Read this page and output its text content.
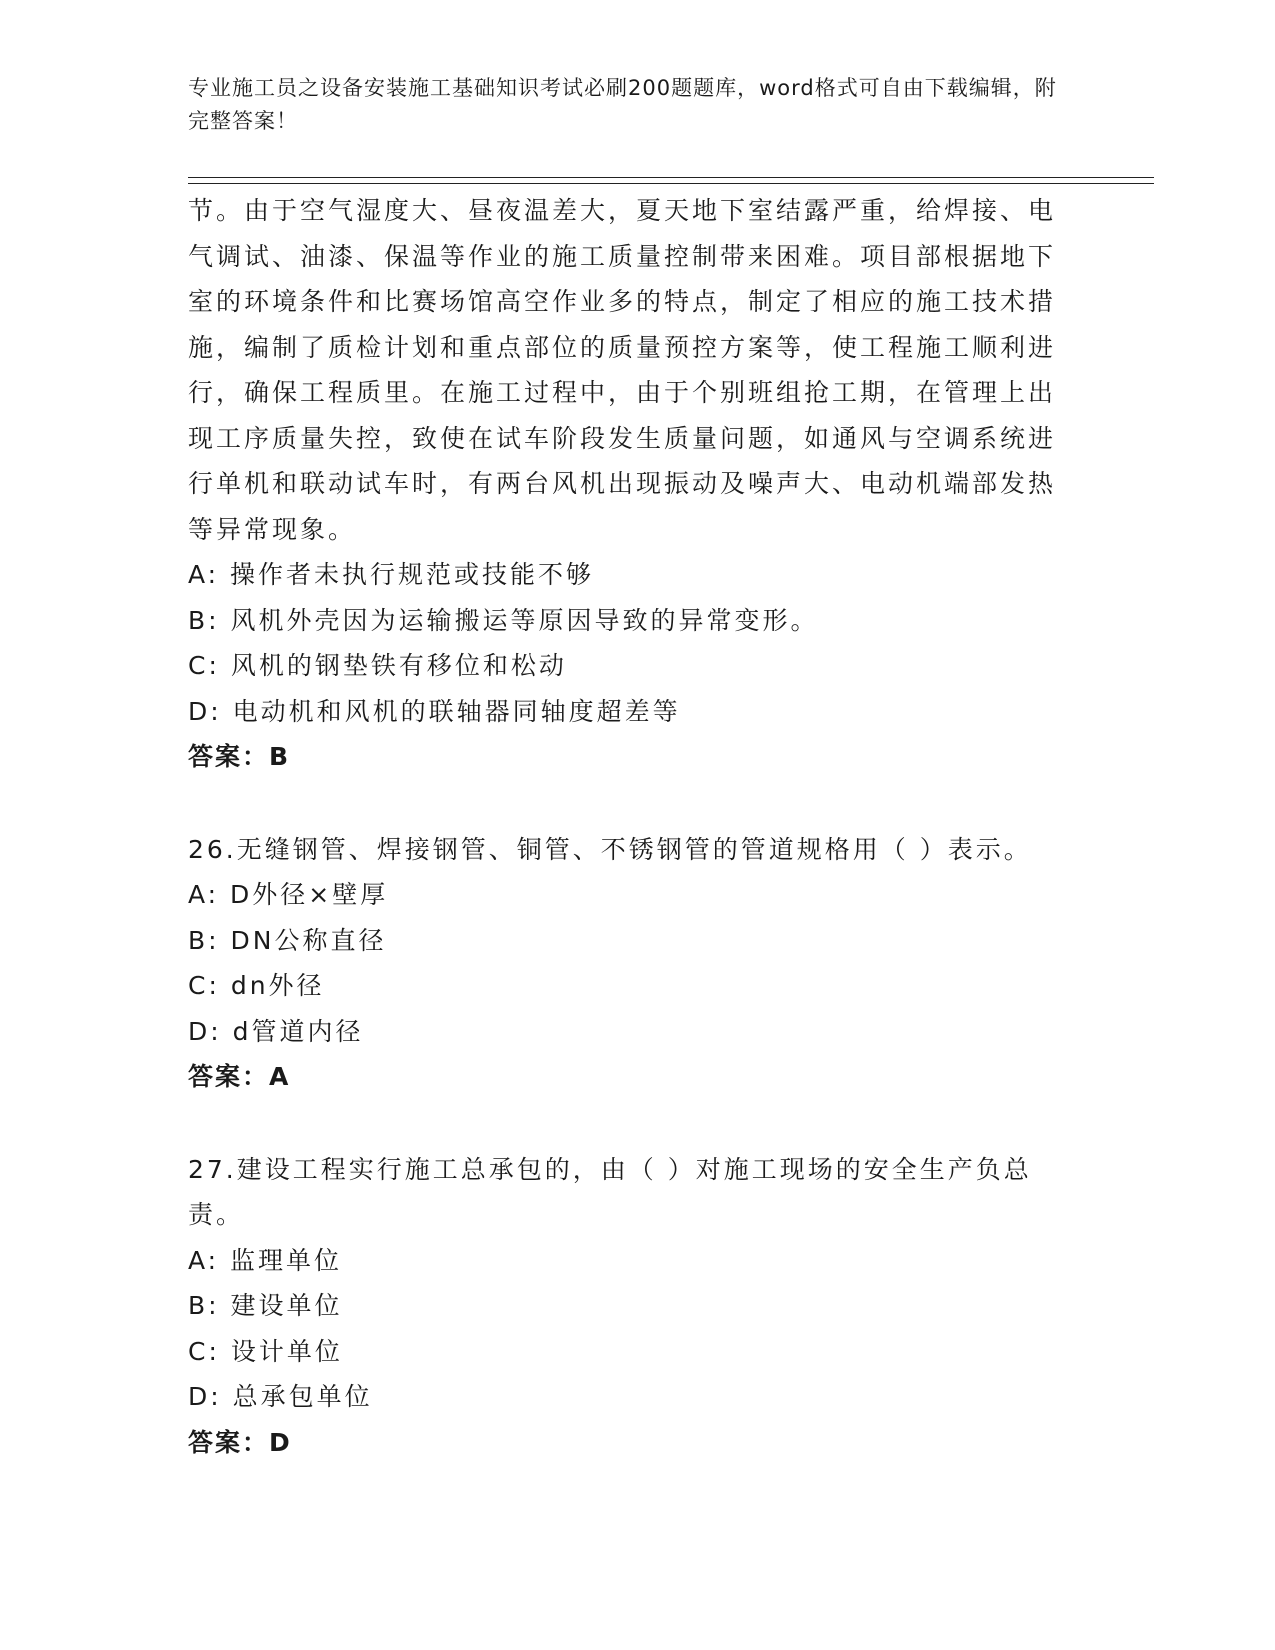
专业施工员之设备安装施工基础知识考试必刷200题题库，word格式可自由下载编辑，附完整答案！

节。由于空气湿度大、昼夜温差大，夏天地下室结露严重，给焊接、电气调试、油漆、保温等作业的施工质量控制带来困难。项目部根据地下室的环境条件和比赛场馆高空作业多的特点，制定了相应的施工技术措施，编制了质检计划和重点部位的质量预控方案等，使工程施工顺利进行，确保工程质里。在施工过程中，由于个别班组抢工期，在管理上出现工序质量失控，致使在试车阶段发生质量问题，如通风与空调系统进行单机和联动试车时，有两台风机出现振动及噪声大、电动机端部发热等异常现象。

A: 操作者未执行规范或技能不够

B: 风机外壳因为运输搬运等原因导致的异常变形。

C: 风机的钢垫铁有移位和松动

D: 电动机和风机的联轴器同轴度超差等

答案：B

26.无缝钢管、焊接钢管、铜管、不锈钢管的管道规格用（ ）表示。

A: D外径×壁厚

B: DN公称直径

C: dn外径

D: d管道内径

答案：A

27.建设工程实行施工总承包的，由（ ）对施工现场的安全生产负总责。

A: 监理单位

B: 建设单位

C: 设计单位

D: 总承包单位

答案：D
